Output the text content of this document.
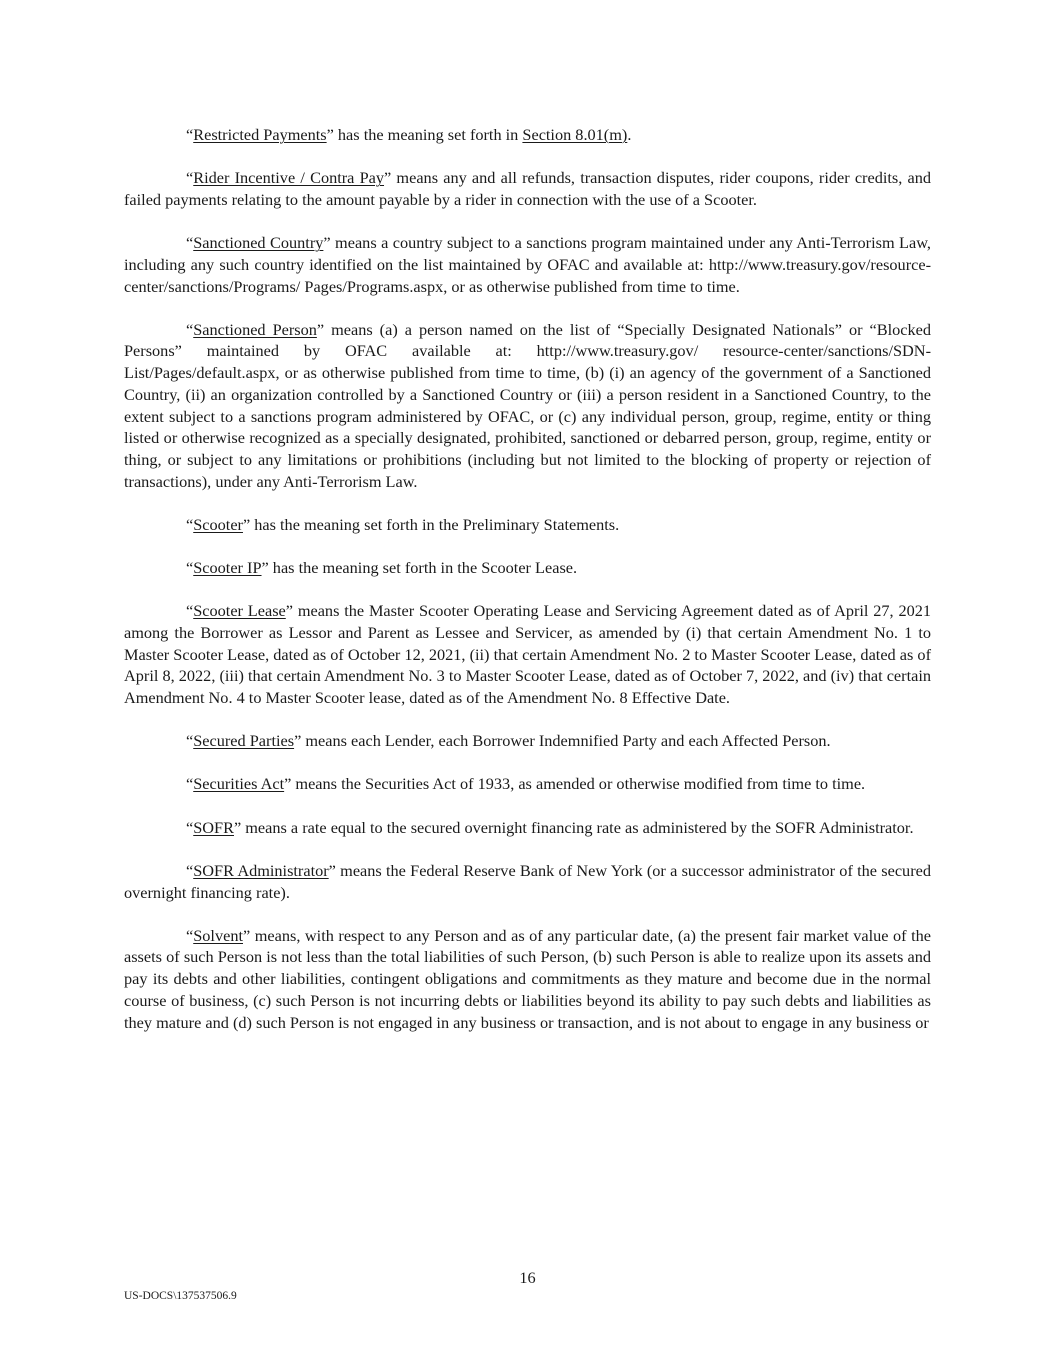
“Restricted Payments” has the meaning set forth in Section 8.01(m).

“Rider Incentive / Contra Pay” means any and all refunds, transaction disputes, rider coupons, rider credits, and failed payments relating to the amount payable by a rider in connection with the use of a Scooter.

“Sanctioned Country” means a country subject to a sanctions program maintained under any Anti-Terrorism Law, including any such country identified on the list maintained by OFAC and available at: http://www.treasury.gov/resource-center/sanctions/Programs/ Pages/Programs.aspx, or as otherwise published from time to time.

“Sanctioned Person” means (a) a person named on the list of “Specially Designated Nationals” or “Blocked Persons” maintained by OFAC available at: http://www.treasury.gov/ resource-center/sanctions/SDN-List/Pages/default.aspx, or as otherwise published from time to time, (b) (i) an agency of the government of a Sanctioned Country, (ii) an organization controlled by a Sanctioned Country or (iii) a person resident in a Sanctioned Country, to the extent subject to a sanctions program administered by OFAC, or (c) any individual person, group, regime, entity or thing listed or otherwise recognized as a specially designated, prohibited, sanctioned or debarred person, group, regime, entity or thing, or subject to any limitations or prohibitions (including but not limited to the blocking of property or rejection of transactions), under any Anti-Terrorism Law.

“Scooter” has the meaning set forth in the Preliminary Statements.

“Scooter IP” has the meaning set forth in the Scooter Lease.

“Scooter Lease” means the Master Scooter Operating Lease and Servicing Agreement dated as of April 27, 2021 among the Borrower as Lessor and Parent as Lessee and Servicer, as amended by (i) that certain Amendment No. 1 to Master Scooter Lease, dated as of October 12, 2021, (ii) that certain Amendment No. 2 to Master Scooter Lease, dated as of April 8, 2022, (iii) that certain Amendment No. 3 to Master Scooter Lease, dated as of October 7, 2022, and (iv) that certain Amendment No. 4 to Master Scooter lease, dated as of the Amendment No. 8 Effective Date.

“Secured Parties” means each Lender, each Borrower Indemnified Party and each Affected Person.

“Securities Act” means the Securities Act of 1933, as amended or otherwise modified from time to time.

“SOFR” means a rate equal to the secured overnight financing rate as administered by the SOFR Administrator.

“SOFR Administrator” means the Federal Reserve Bank of New York (or a successor administrator of the secured overnight financing rate).

“Solvent” means, with respect to any Person and as of any particular date, (a) the present fair market value of the assets of such Person is not less than the total liabilities of such Person, (b) such Person is able to realize upon its assets and pay its debts and other liabilities, contingent obligations and commitments as they mature and become due in the normal course of business, (c) such Person is not incurring debts or liabilities beyond its ability to pay such debts and liabilities as they mature and (d) such Person is not engaged in any business or transaction, and is not about to engage in any business or

16
US-DOCS\137537506.9
